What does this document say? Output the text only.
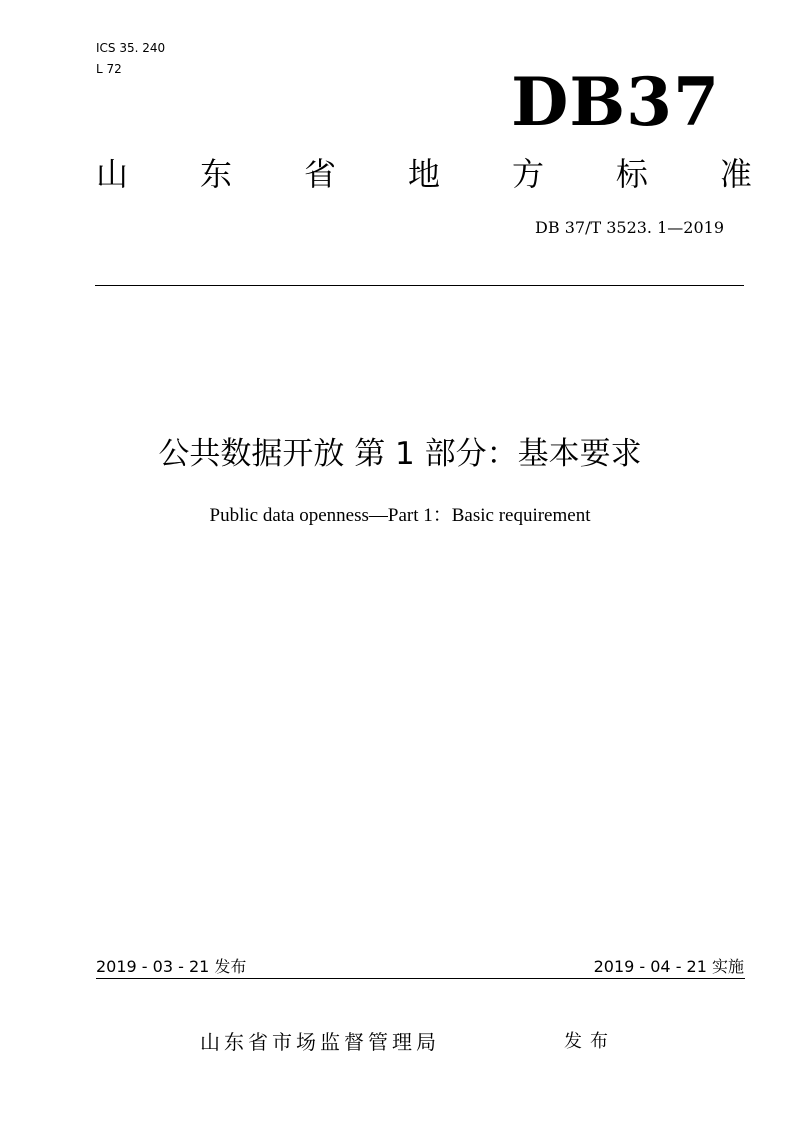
ICS 35. 240
L 72	DB37
山 东 省 地 方 标 准
DB 37/T 3523. 1—2019
公共数据开放 第 1 部分：基本要求
Public data openness—Part 1：Basic requirement
2019 - 03 - 21 发布	2019 - 04 - 21 实施
山东省市场监督管理局	发布
